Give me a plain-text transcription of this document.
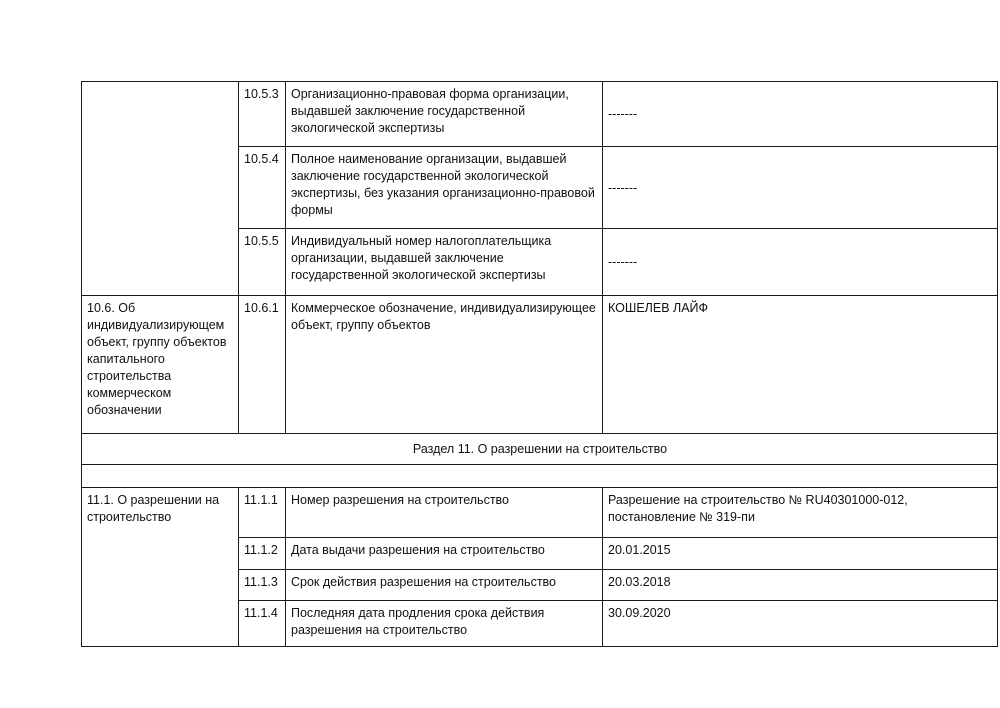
	10.5.3	Организационно-правовая форма организации, выдавшей заключение государственной экологической экспертизы	-------
	10.5.4	Полное наименование организации, выдавшей заключение государственной экологической экспертизы, без указания организационно-правовой формы	-------
	10.5.5	Индивидуальный номер налогоплательщика организации, выдавшей заключение государственной экологической экспертизы	-------
10.6. Об индивидуализирующем объект, группу объектов капитального строительства коммерческом обозначении	10.6.1	Коммерческое обозначение, индивидуализирующее объект, группу объектов	КОШЕЛЕВ ЛАЙФ
Раздел 11. О разрешении на строительство			

11.1. О разрешении на строительство	11.1.1	Номер разрешения на строительство	Разрешение на строительство № RU40301000-012, постановление № 319-пи
	11.1.2	Дата выдачи разрешения на строительство	20.01.2015
	11.1.3	Срок действия разрешения на строительство	20.03.2018
	11.1.4	Последняя дата продления срока действия разрешения на строительство	30.09.2020
